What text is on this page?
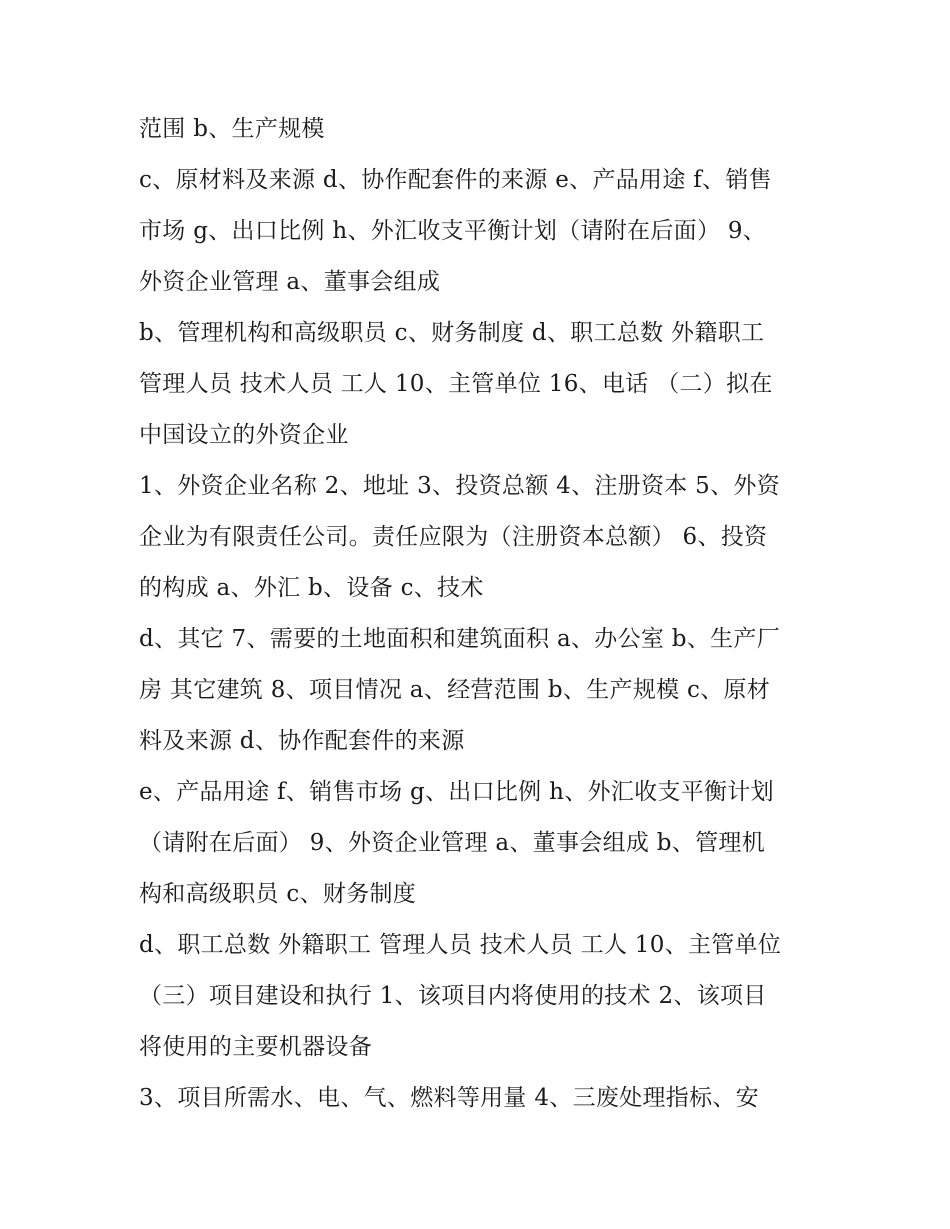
范围 b、生产规模
c、原材料及来源 d、协作配套件的来源 e、产品用途 f、销售
市场 g、出口比例 h、外汇收支平衡计划（请附在后面） 9、
外资企业管理 a、董事会组成
b、管理机构和高级职员 c、财务制度 d、职工总数 外籍职工
管理人员 技术人员 工人 10、主管单位 16、电话 （二）拟在
中国设立的外资企业
1、外资企业名称 2、地址 3、投资总额 4、注册资本 5、外资
企业为有限责任公司。责任应限为（注册资本总额） 6、投资
的构成 a、外汇 b、设备 c、技术
d、其它 7、需要的土地面积和建筑面积 a、办公室 b、生产厂
房 其它建筑 8、项目情况 a、经营范围 b、生产规模 c、原材
料及来源 d、协作配套件的来源
e、产品用途 f、销售市场 g、出口比例 h、外汇收支平衡计划
（请附在后面） 9、外资企业管理 a、董事会组成 b、管理机
构和高级职员 c、财务制度
d、职工总数 外籍职工 管理人员 技术人员 工人 10、主管单位
（三）项目建设和执行 1、该项目内将使用的技术 2、该项目
将使用的主要机器设备
3、项目所需水、电、气、燃料等用量 4、三废处理指标、安
